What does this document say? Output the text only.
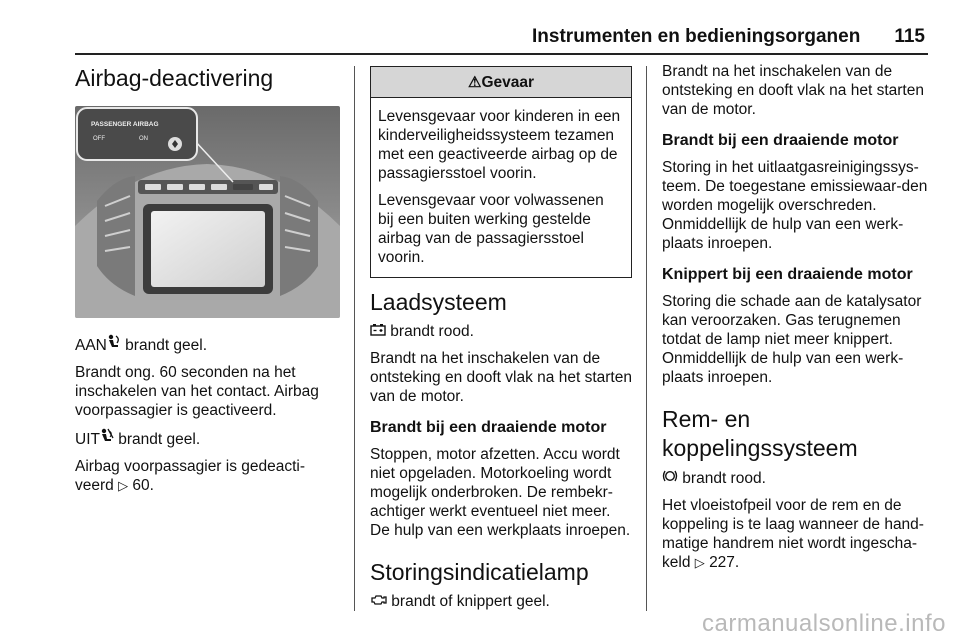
Instrumenten en bedieningsorganen 115
Airbag-deactivering
PASSENGER AIRBAG
OFF	ON

AAN brandt geel.

Brandt ong. 60 seconden na het inschakelen van het contact. Airbag voorpassagier is geactiveerd.

UIT brandt geel.

Airbag voorpassagier is gedeacti-veerd ▷ 60.

⚠Gevaar

Levensgevaar voor kinderen in een kinderveiligheidssysteem tezamen met een geactiveerde airbag op de passagiersstoel voorin.

Levensgevaar voor volwassenen bij een buiten werking gestelde airbag van de passagiersstoel voorin.

Laadsysteem

brandt rood.

Brandt na het inschakelen van de ontsteking en dooft vlak na het starten van de motor.

Brandt bij een draaiende motor

Stoppen, motor afzetten. Accu wordt niet opgeladen. Motorkoeling wordt mogelijk onderbroken. De rembekr-achtiger werkt eventueel niet meer. De hulp van een werkplaats inroepen.

Storingsindicatielamp

brandt of knippert geel.

Brandt na het inschakelen van de ontsteking en dooft vlak na het starten van de motor.

Brandt bij een draaiende motor

Storing in het uitlaatgasreinigingssys-teem. De toegestane emissiewaar-den worden mogelijk overschreden. Onmiddellijk de hulp van een werk-plaats inroepen.

Knippert bij een draaiende motor

Storing die schade aan de katalysator kan veroorzaken. Gas terugnemen totdat de lamp niet meer knippert. Onmiddellijk de hulp van een werk-plaats inroepen.

Rem- en
koppelingssysteem

brandt rood.

Het vloeistofpeil voor de rem en de koppeling is te laag wanneer de hand-matige handrem niet wordt ingescha-keld ▷ 227.

carmanualsonline.info
